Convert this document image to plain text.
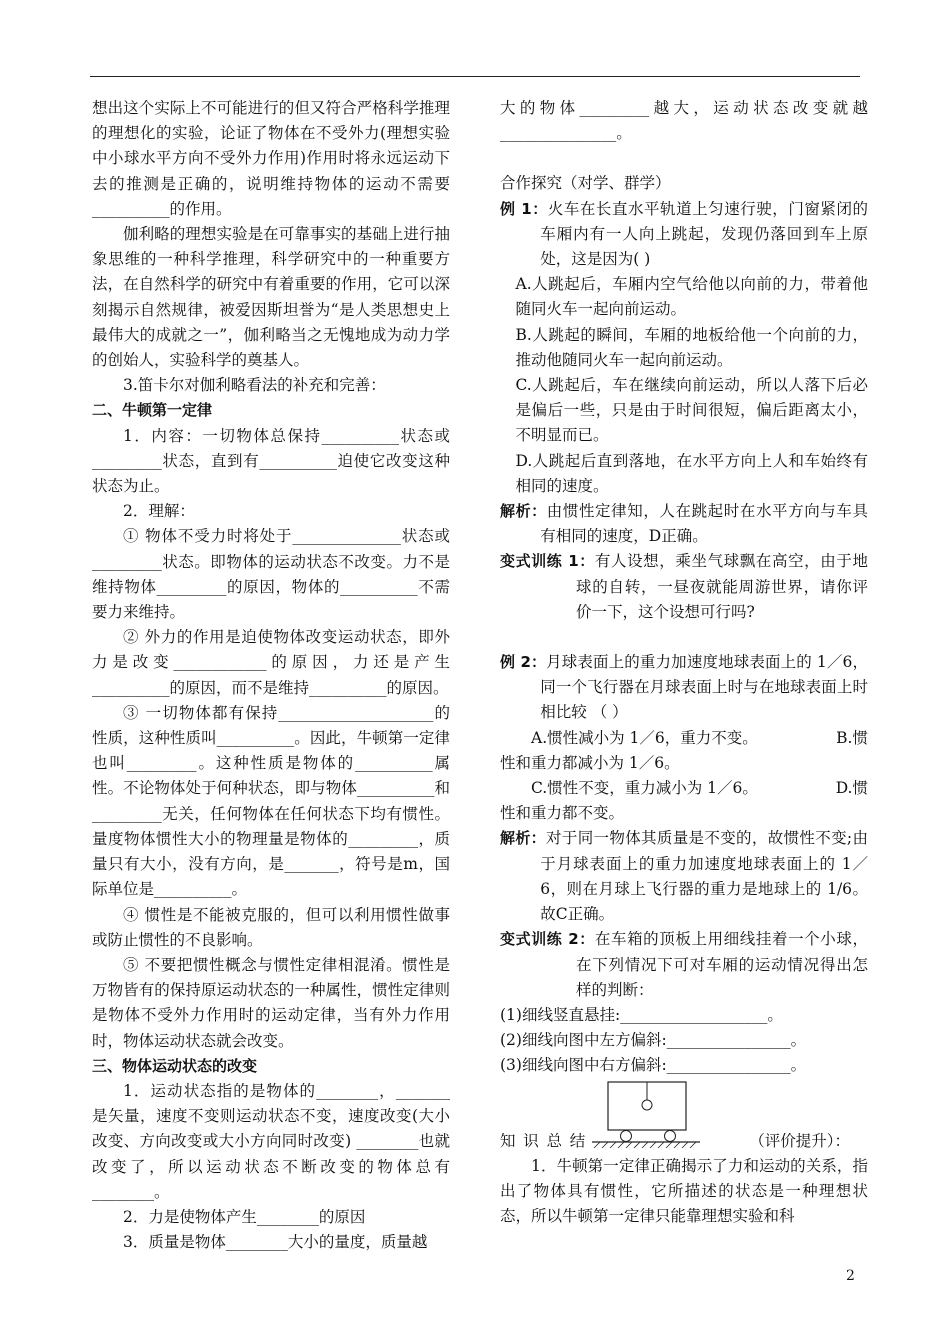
想出这个实际上不可能进行的但又符合严格科学推理的理想化的实验，论证了物体在不受外力(理想实验中小球水平方向不受外力作用)作用时将永远运动下去的推测是正确的，说明维持物体的运动不需要__________的作用。

伽利略的理想实验是在可靠事实的基础上进行抽象思维的一种科学推理，科学研究中的一种重要方法，在自然科学的研究中有着重要的作用，它可以深刻揭示自然规律，被爱因斯坦誉为“是人类思想史上最伟大的成就之一”，伽利略当之无愧地成为动力学的创始人，实验科学的奠基人。

3.笛卡尔对伽利略看法的补充和完善：

二、牛顿第一定律

1．内容：一切物体总保持__________状态或_________状态，直到有__________迫使它改变这种状态为止。

2．理解：

① 物体不受力时将处于______________状态或_________状态。即物体的运动状态不改变。力不是维持物体_________的原因，物体的__________不需要力来维持。

② 外力的作用是迫使物体改变运动状态，即外力是改变____________的原因，力还是产生__________的原因，而不是维持__________的原因。

③ 一切物体都有保持____________________的性质，这种性质叫__________。因此，牛顿第一定律也叫_________。这种性质是物体的__________属性。不论物体处于何种状态，即与物体__________和_________无关，任何物体在任何状态下均有惯性。量度物体惯性大小的物理量是物体的_________，质量只有大小，没有方向，是_______，符号是m，国际单位是__________。

④ 惯性是不能被克服的，但可以利用惯性做事或防止惯性的不良影响。

⑤ 不要把惯性概念与惯性定律相混淆。惯性是万物皆有的保持原运动状态的一种属性，惯性定律则是物体不受外力作用时的运动定律，当有外力作用时，物体运动状态就会改变。

三、物体运动状态的改变

1．运动状态指的是物体的________，_______是矢量，速度不变则运动状态不变，速度改变(大小改变、方向改变或大小方向同时改变) ________也就改变了，所以运动状态不断改变的物体总有________。

2．力是使物体产生________的原因

3．质量是物体________大小的量度，质量越

大的物体_________越大，运动状态改变就越_______________。

合作探究（对学、群学）

例 1：火车在长直水平轨道上匀速行驶，门窗紧闭的车厢内有一人向上跳起，发现仍落回到车上原处，这是因为( )

A.人跳起后，车厢内空气给他以向前的力，带着他随同火车一起向前运动。

B.人跳起的瞬间，车厢的地板给他一个向前的力，推动他随同火车一起向前运动。

C.人跳起后，车在继续向前运动，所以人落下后必是偏后一些，只是由于时间很短，偏后距离太小，不明显而已。

D.人跳起后直到落地，在水平方向上人和车始终有相同的速度。

解析：由惯性定律知，人在跳起时在水平方向与车具有相同的速度，D正确。

变式训练 1：有人设想，乘坐气球飘在高空，由于地球的自转，一昼夜就能周游世界，请你评价一下，这个设想可行吗?

例 2：月球表面上的重力加速度地球表面上的 1／6，同一个飞行器在月球表面上时与在地球表面上时相比较 （ ）

A.惯性减小为 1／6，重力不变。	B.惯

性和重力都减小为 1／6。

C.惯性不变，重力减小为 1／6。	D.惯

性和重力都不变。

解析：对于同一物体其质量是不变的，故惯性不变;由于月球表面上的重力加速度地球表面上的 1／6，则在月球上飞行器的重力是地球上的 1/6。故C正确。

变式训练 2：在车箱的顶板上用细线挂着一个小球，在下列情况下可对车厢的运动情况得出怎样的判断：

(1)细线竖直悬挂:___________________。

(2)细线向图中左方偏斜:________________。

(3)细线向图中右方偏斜:________________。

知识总结	（评价提升）：

1．牛顿第一定律正确揭示了力和运动的关系，指出了物体具有惯性，它所描述的状态是一种理想状态，所以牛顿第一定律只能靠理想实验和科

2
